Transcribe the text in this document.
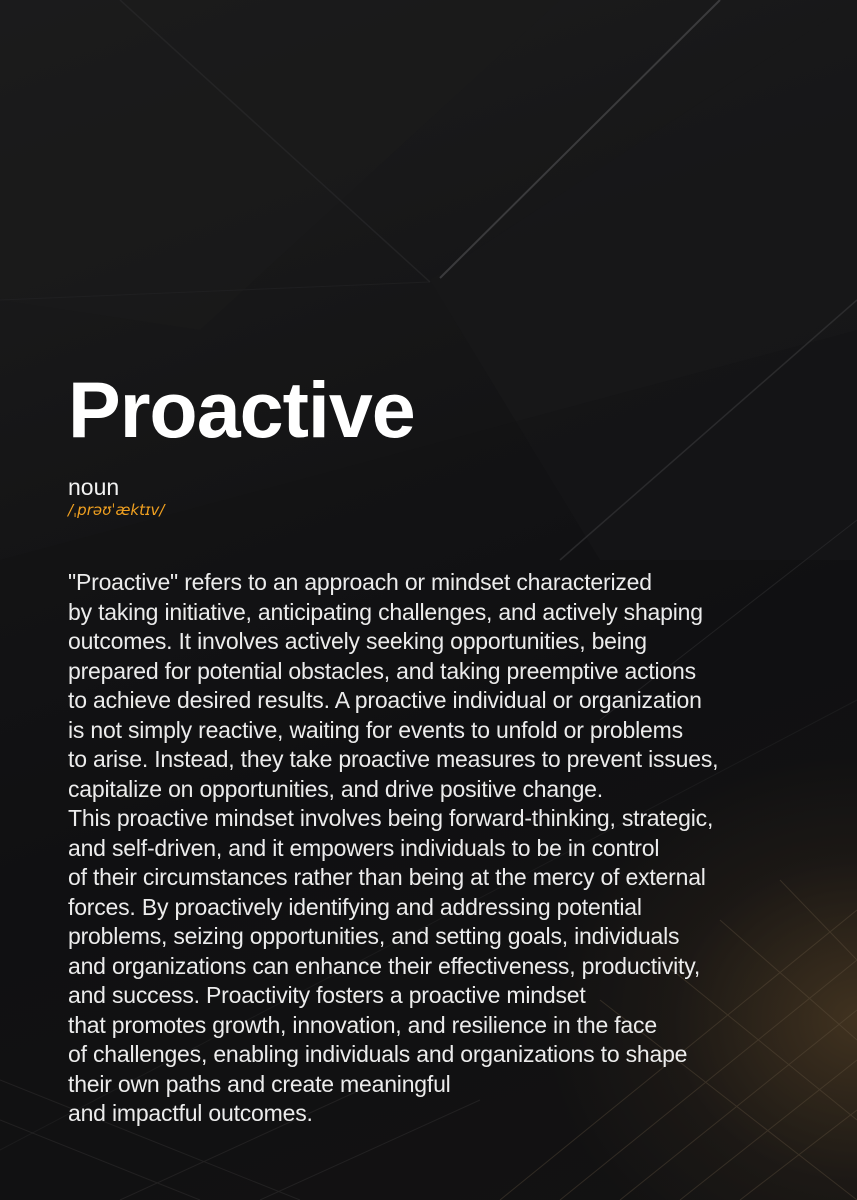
Proactive
noun
/ˌprəʊˈæktɪv/
"Proactive" refers to an approach or mindset characterized
by taking initiative, anticipating challenges, and actively shaping
outcomes. It involves actively seeking opportunities, being
prepared for potential obstacles, and taking preemptive actions
to achieve desired results. A proactive individual or organization
is not simply reactive, waiting for events to unfold or problems
to arise. Instead, they take proactive measures to prevent issues,
capitalize on opportunities, and drive positive change.
This proactive mindset involves being forward-thinking, strategic,
and self-driven, and it empowers individuals to be in control
of their circumstances rather than being at the mercy of external
forces. By proactively identifying and addressing potential
problems, seizing opportunities, and setting goals, individuals
and organizations can enhance their effectiveness, productivity,
and success. Proactivity fosters a proactive mindset
that promotes growth, innovation, and resilience in the face
of challenges, enabling individuals and organizations to shape
their own paths and create meaningful
and impactful outcomes.
